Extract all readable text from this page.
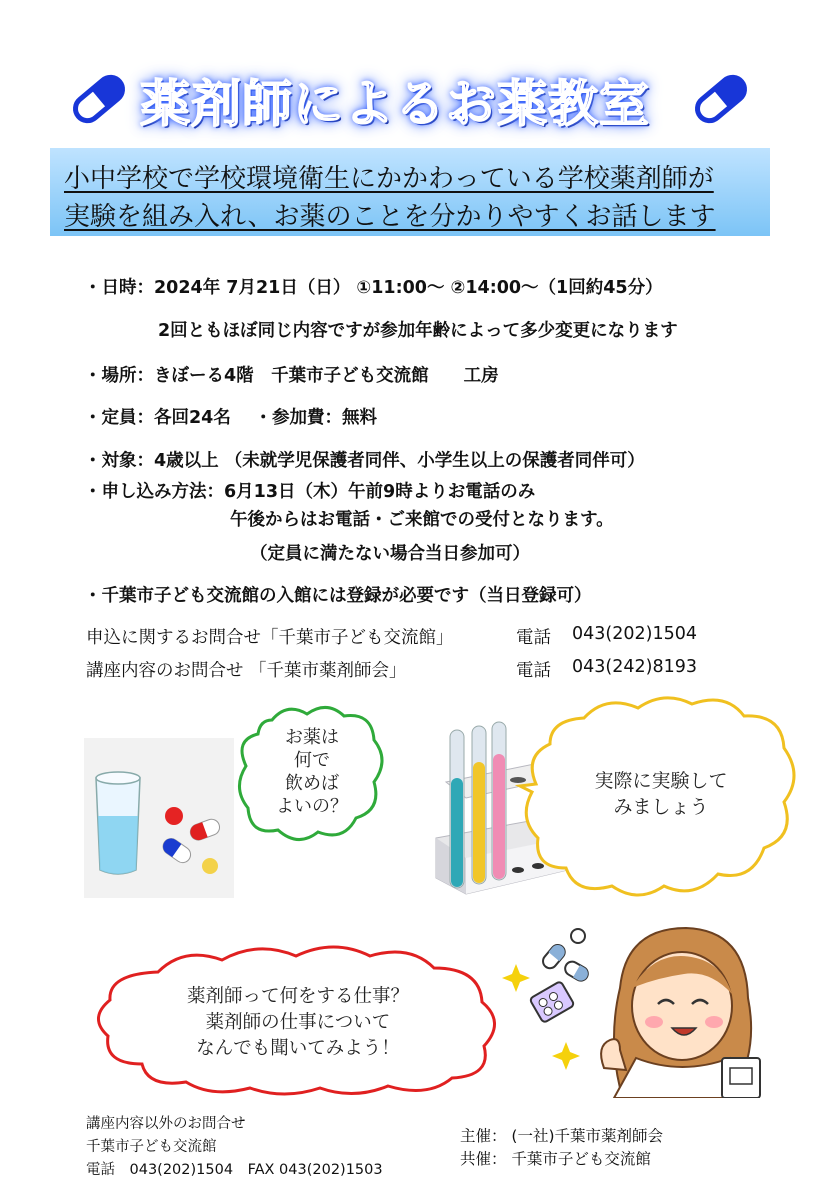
薬剤師によるお薬教室
小中学校で学校環境衛生にかかわっている学校薬剤師が
実験を組み入れ、お薬のことを分かりやすくお話します
・日時：2024年 7月21日（日） ①11:00～ ②14:00～（1回約45分）
2回ともほぼ同じ内容ですが参加年齢によって多少変更になります
・場所：きぼーる4階　千葉市子ども交流館　　工房
・定員：各回24名　 ・参加費：無料
・対象：4歳以上 （未就学児保護者同伴、小学生以上の保護者同伴可）
・申し込み方法：6月13日（木）午前9時よりお電話のみ
午後からはお電話・ご来館での受付となります。
（定員に満たない場合当日参加可）
・千葉市子ども交流館の入館には登録が必要です（当日登録可）
申込に関するお問合せ「千葉市子ども交流館」	電話 043(202)1504
講座内容のお問合せ 「千葉市薬剤師会」	電話 043(242)8193
お薬は
何で
飲めば
よいの？
実際に実験して
みましょう
薬剤師って何をする仕事？
薬剤師の仕事について
なんでも聞いてみよう！
講座内容以外のお問合せ
千葉市子ども交流館
電話　043(202)1504　FAX 043(202)1503
主催： (一社)千葉市薬剤師会
共催： 千葉市子ども交流館
